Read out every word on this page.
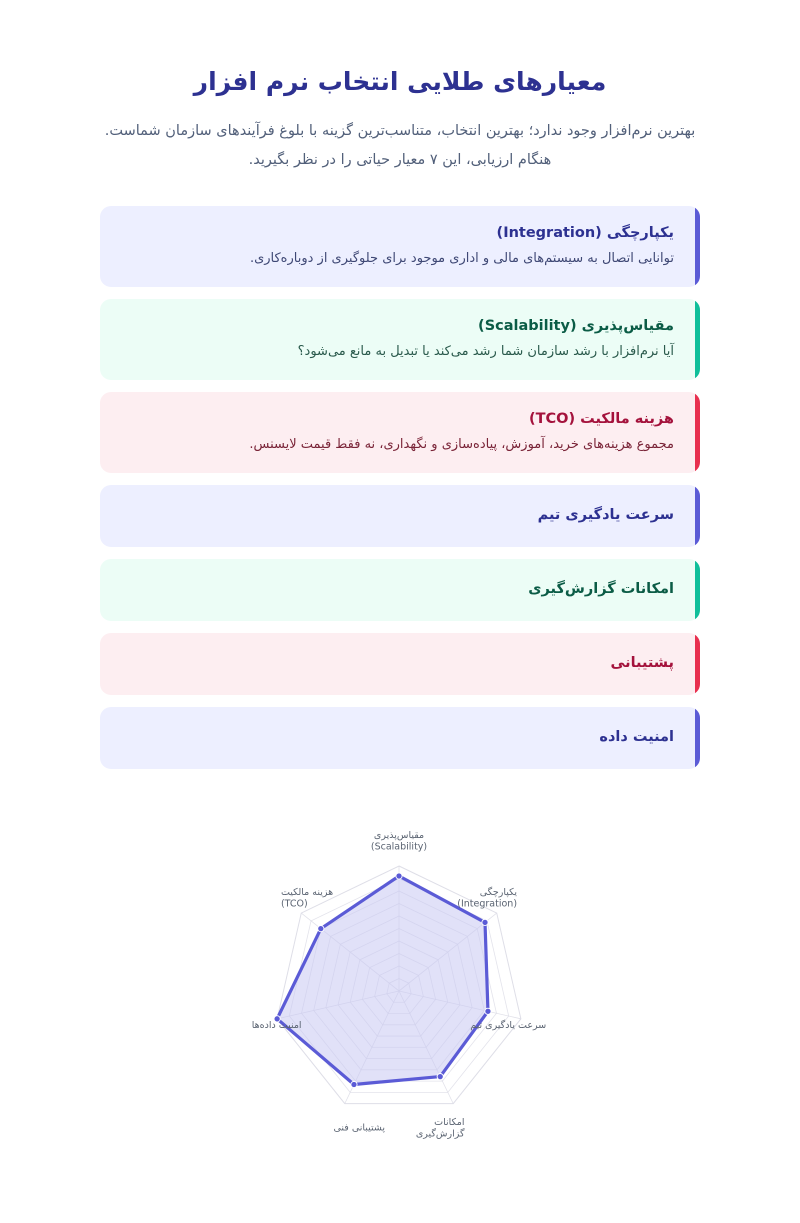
معیارهای طلایی انتخاب نرم افزار

بهترین نرم‌افزار وجود ندارد؛ بهترین انتخاب، متناسب‌ترین گزینه با بلوغ فرآیندهای سازمان شماست. هنگام ارزیابی، این ۷ معیار حیاتی را در نظر بگیرید.

یکپارچگی (Integration)
توانایی اتصال به سیستم‌های مالی و اداری موجود برای جلوگیری از دوباره‌کاری.
مقیاس‌پذیری (Scalability)
آیا نرم‌افزار با رشد سازمان شما رشد می‌کند یا تبدیل به مانع می‌شود؟
هزینه مالکیت (TCO)
مجموع هزینه‌های خرید، آموزش، پیاده‌سازی و نگهداری، نه فقط قیمت لایسنس.
سرعت یادگیری تیم
امکانات گزارش‌گیری
پشتیبانی
امنیت داده
مقیاس‌پذیری (Scalability)
یکپارچگی (Integration)
سرعت یادگیری تیم
امکانات گزارش‌گیری
پشتیبانی فنی
امنیت داده‌ها
هزینه مالکیت (TCO)
